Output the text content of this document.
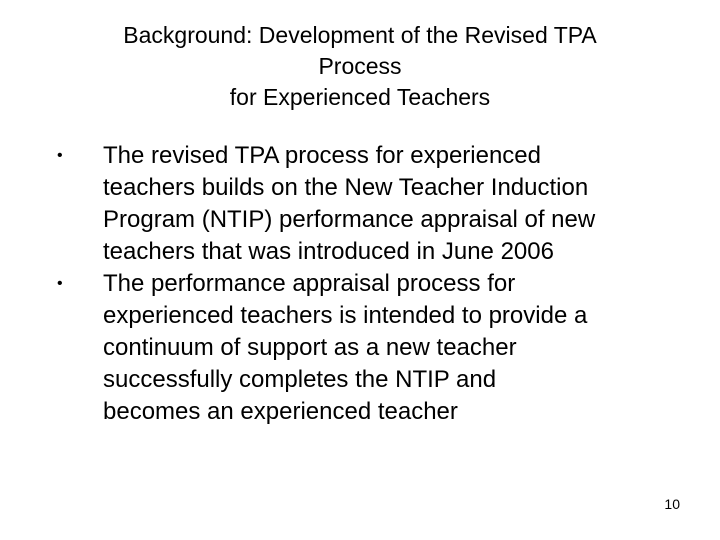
Background: Development of the Revised TPA
Process
for Experienced Teachers
•	The revised TPA process for experienced
teachers builds on the New Teacher Induction
Program (NTIP) performance appraisal of new
teachers that was introduced in June 2006
•	The performance appraisal process for
experienced teachers is intended to provide a
continuum of support as a new teacher
successfully completes the NTIP and
becomes an experienced teacher
10
